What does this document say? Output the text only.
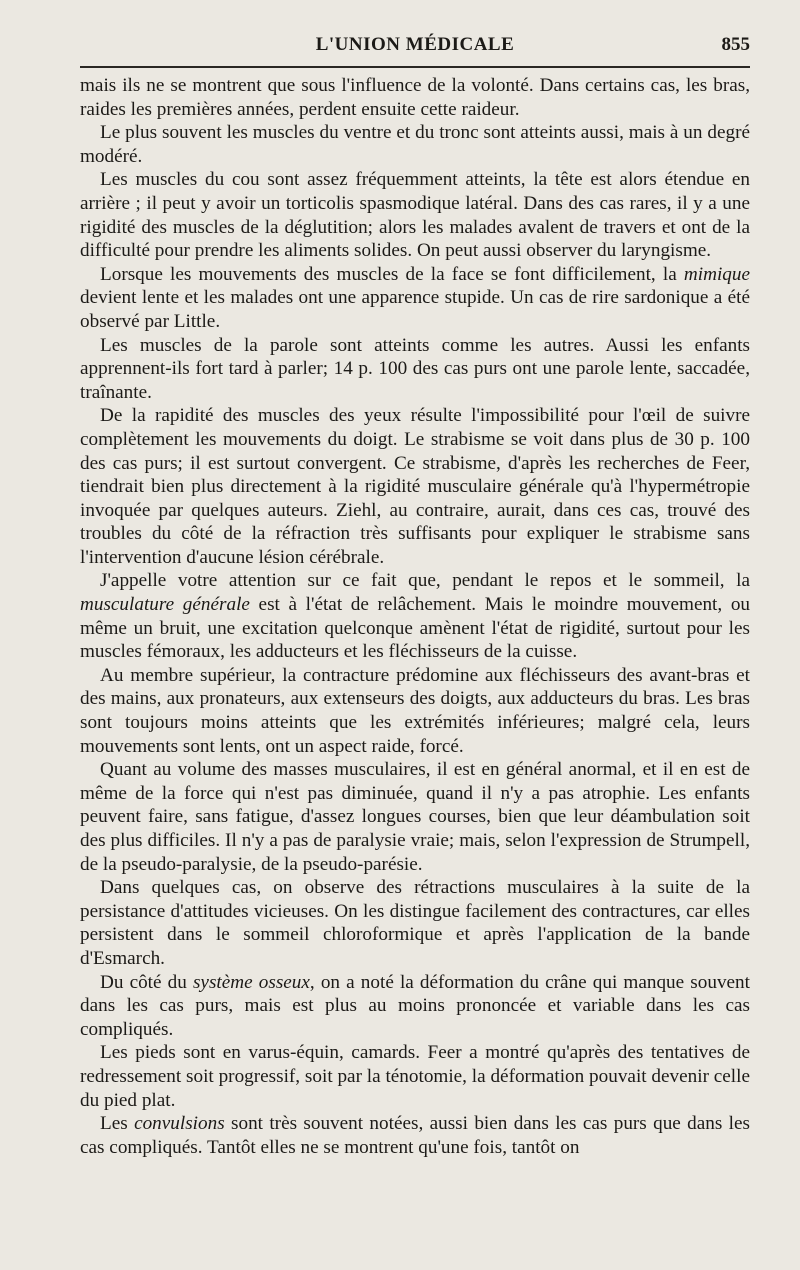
L'UNION MÉDICALE	855

mais ils ne se montrent que sous l'influence de la volonté. Dans certains cas, les bras, raides les premières années, perdent ensuite cette raideur.

Le plus souvent les muscles du ventre et du tronc sont atteints aussi, mais à un degré modéré.

Les muscles du cou sont assez fréquemment atteints, la tête est alors étendue en arrière ; il peut y avoir un torticolis spasmodique latéral. Dans des cas rares, il y a une rigidité des muscles de la déglutition; alors les malades avalent de travers et ont de la difficulté pour prendre les aliments solides. On peut aussi observer du laryngisme.

Lorsque les mouvements des muscles de la face se font difficilement, la mimique devient lente et les malades ont une apparence stupide. Un cas de rire sardonique a été observé par Little.

Les muscles de la parole sont atteints comme les autres. Aussi les enfants apprennent-ils fort tard à parler; 14 p. 100 des cas purs ont une parole lente, saccadée, traînante.

De la rapidité des muscles des yeux résulte l'impossibilité pour l'œil de suivre complètement les mouvements du doigt. Le strabisme se voit dans plus de 30 p. 100 des cas purs; il est surtout convergent. Ce strabisme, d'après les recherches de Feer, tiendrait bien plus directement à la rigidité musculaire générale qu'à l'hypermétropie invoquée par quelques auteurs. Ziehl, au contraire, aurait, dans ces cas, trouvé des troubles du côté de la réfraction très suffisants pour expliquer le strabisme sans l'intervention d'aucune lésion cérébrale.

J'appelle votre attention sur ce fait que, pendant le repos et le sommeil, la musculature générale est à l'état de relâchement. Mais le moindre mouvement, ou même un bruit, une excitation quelconque amènent l'état de rigidité, surtout pour les muscles fémoraux, les adducteurs et les fléchisseurs de la cuisse.

Au membre supérieur, la contracture prédomine aux fléchisseurs des avant-bras et des mains, aux pronateurs, aux extenseurs des doigts, aux adducteurs du bras. Les bras sont toujours moins atteints que les extrémités inférieures; malgré cela, leurs mouvements sont lents, ont un aspect raide, forcé.

Quant au volume des masses musculaires, il est en général anormal, et il en est de même de la force qui n'est pas diminuée, quand il n'y a pas atrophie. Les enfants peuvent faire, sans fatigue, d'assez longues courses, bien que leur déambulation soit des plus difficiles. Il n'y a pas de paralysie vraie; mais, selon l'expression de Strumpell, de la pseudo-paralysie, de la pseudo-parésie.

Dans quelques cas, on observe des rétractions musculaires à la suite de la persistance d'attitudes vicieuses. On les distingue facilement des contractures, car elles persistent dans le sommeil chloroformique et après l'application de la bande d'Esmarch.

Du côté du système osseux, on a noté la déformation du crâne qui manque souvent dans les cas purs, mais est plus au moins prononcée et variable dans les cas compliqués.

Les pieds sont en varus-équin, camards. Feer a montré qu'après des tentatives de redressement soit progressif, soit par la ténotomie, la déformation pouvait devenir celle du pied plat.

Les convulsions sont très souvent notées, aussi bien dans les cas purs que dans les cas compliqués. Tantôt elles ne se montrent qu'une fois, tantôt on
